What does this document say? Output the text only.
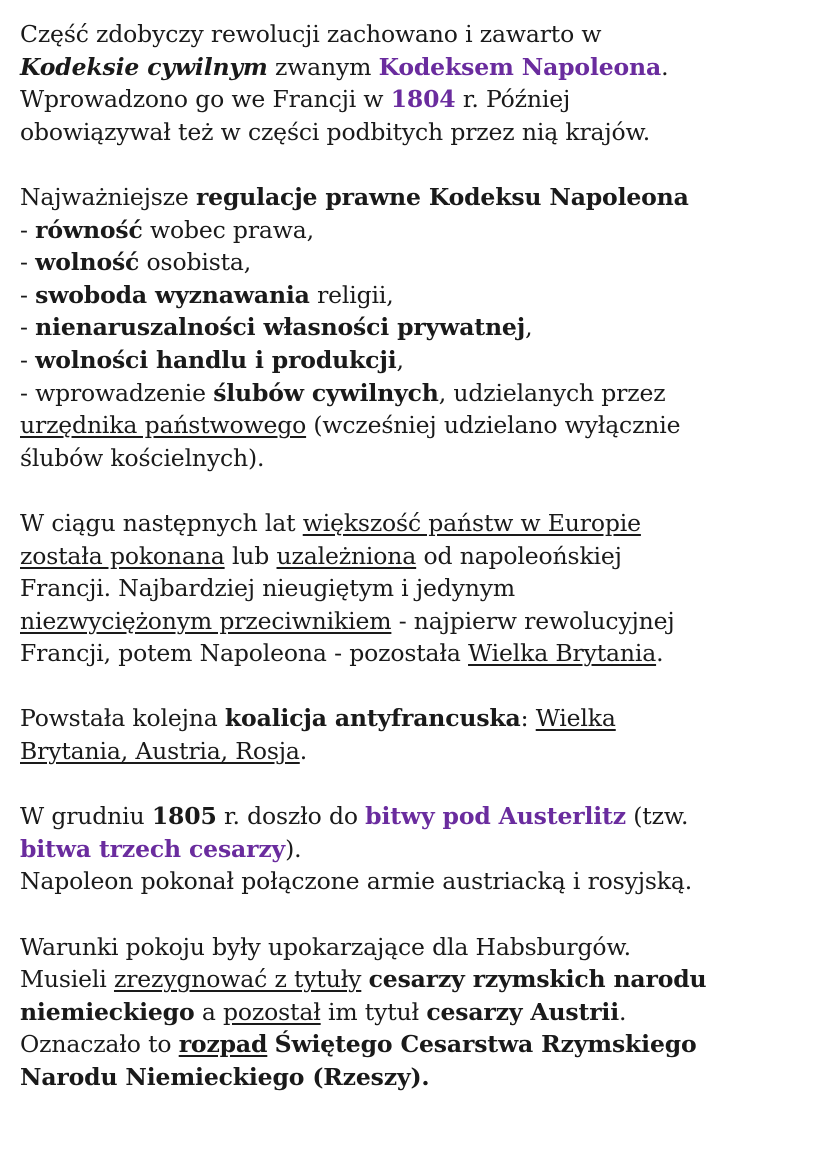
Część zdobyczy rewolucji zachowano i zawarto w
Kodeksie cywilnym zwanym Kodeksem Napoleona.
Wprowadzono go we Francji w 1804 r. Później
obowiązywał też w części podbitych przez nią krajów.

Najważniejsze regulacje prawne Kodeksu Napoleona
- równość wobec prawa,
- wolność osobista,
- swoboda wyznawania religii,
- nienaruszalności własności prywatnej,
- wolności handlu i produkcji,
- wprowadzenie ślubów cywilnych, udzielanych przez
urzędnika państwowego (wcześniej udzielano wyłącznie
ślubów kościelnych).

W ciągu następnych lat większość państw w Europie
została pokonana lub uzależniona od napoleońskiej
Francji. Najbardziej nieugiętym i jedynym
niezwyciężonym przeciwnikiem - najpierw rewolucyjnej
Francji, potem Napoleona - pozostała Wielka Brytania.

Powstała kolejna koalicja antyfrancuska: Wielka
Brytania, Austria, Rosja.

W grudniu 1805 r. doszło do bitwy pod Austerlitz (tzw.
bitwa trzech cesarzy).
Napoleon pokonał połączone armie austriacką i rosyjską.

Warunki pokoju były upokarzające dla Habsburgów.
Musieli zrezygnować z tytuły cesarzy rzymskich narodu
niemieckiego a pozostał im tytuł cesarzy Austrii.
Oznaczało to rozpad Świętego Cesarstwa Rzymskiego
Narodu Niemieckiego (Rzeszy).
